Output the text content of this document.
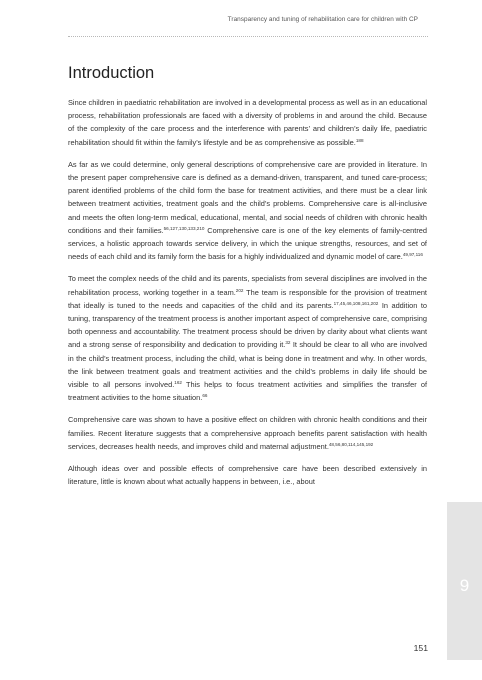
Transparency and tuning of rehabilitation care for children with CP
Introduction

Since children in paediatric rehabilitation are involved in a developmental process as well as in an educational process, rehabilitation professionals are faced with a diversity of problems in and around the child. Because of the complexity of the care process and the interference with parents’ and children’s daily life, paediatric rehabilitation should fit within the family’s lifestyle and be as comprehensive as possible.$^{188}$

As far as we could determine, only general descriptions of comprehensive care are provided in literature. In the present paper comprehensive care is defined as a demand-driven, transparent, and tuned care-process; parent identified problems of the child form the base for treatment activities, and there must be a clear link between treatment activities, treatment goals and the child’s problems. Comprehensive care is all-inclusive and meets the often long-term medical, educational, mental, and social needs of children with chronic health conditions and their families.$^{56,127,130,133,210}$ Comprehensive care is one of the key elements of family-centred services, a holistic approach towards service delivery, in which the unique strengths, resources, and set of needs of each child and its family form the basis for a highly individualized and dynamic model of care.$^{49,97,116}$

To meet the complex needs of the child and its parents, specialists from several disciplines are involved in the rehabilitation process, working together in a team.$^{202}$ The team is responsible for the provision of treatment that ideally is tuned to the needs and capacities of the child and its parents.$^{17,45,46,108,161,202}$ In addition to tuning, transparency of the treatment process is another important aspect of comprehensive care, comprising both openness and accountability. The treatment process should be driven by clarity about what clients want and a strong sense of responsibility and dedication to providing it.$^{32}$ It should be clear to all who are involved in the child’s treatment process, including the child, what is being done in treatment and why. In other words, the link between treatment goals and treatment activities and the child’s problems in daily life should be visible to all persons involved.$^{162}$ This helps to focus treatment activities and simplifies the transfer of treatment activities to the home situation.$^{66}$

Comprehensive care was shown to have a positive effect on children with chronic health conditions and their families. Recent literature suggests that a comprehensive approach benefits parent satisfaction with health services, decreases health needs, and improves child and maternal adjustment.$^{48,56,80,114,145,192}$

Although ideas over and possible effects of comprehensive care have been described extensively in literature, little is known about what actually happens in between, i.e., about

9
151
